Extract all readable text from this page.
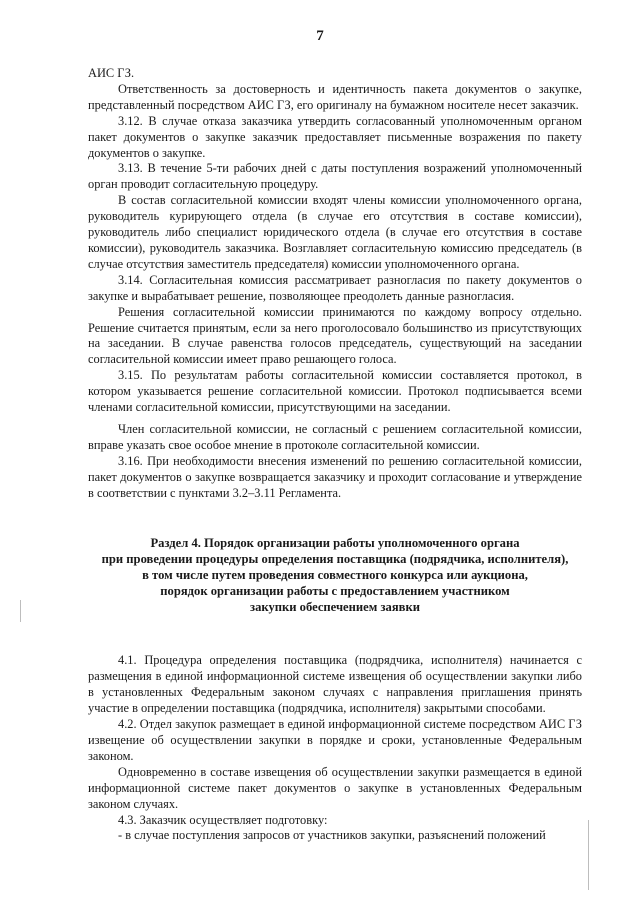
7

АИС ГЗ.

Ответственность за достоверность и идентичность пакета документов о закупке, представленный посредством АИС ГЗ, его оригиналу на бумажном носителе несет заказчик.

3.12. В случае отказа заказчика утвердить согласованный уполномоченным органом пакет документов о закупке заказчик предоставляет письменные возражения по пакету документов о закупке.

3.13. В течение 5-ти рабочих дней с даты поступления возражений уполномоченный орган проводит согласительную процедуру.

В состав согласительной комиссии входят члены комиссии уполномоченного органа, руководитель курирующего отдела (в случае его отсутствия в составе комиссии), руководитель либо специалист юридического отдела (в случае его отсутствия в составе комиссии), руководитель заказчика. Возглавляет согласительную комиссию председатель (в случае отсутствия заместитель председателя) комиссии уполномоченного органа.

3.14. Согласительная комиссия рассматривает разногласия по пакету документов о закупке и вырабатывает решение, позволяющее преодолеть данные разногласия.

Решения согласительной комиссии принимаются по каждому вопросу отдельно. Решение считается принятым, если за него проголосовало большинство из присутствующих на заседании. В случае равенства голосов председатель, существующий на заседании согласительной комиссии имеет право решающего голоса.

3.15. По результатам работы согласительной комиссии составляется протокол, в котором указывается решение согласительной комиссии. Протокол подписывается всеми членами согласительной комиссии, присутствующими на заседании.

Член согласительной комиссии, не согласный с решением согласительной комиссии, вправе указать свое особое мнение в протоколе согласительной комиссии.

3.16. При необходимости внесения изменений по решению согласительной комиссии, пакет документов о закупке возвращается заказчику и проходит согласование и утверждение в соответствии с пунктами 3.2–3.11 Регламента.

Раздел 4. Порядок организации работы уполномоченного органа
при проведении процедуры определения поставщика (подрядчика, исполнителя),
в том числе путем проведения совместного конкурса или аукциона,
порядок организации работы с предоставлением участником
закупки обеспечением заявки

4.1. Процедура определения поставщика (подрядчика, исполнителя) начинается с размещения в единой информационной системе извещения об осуществлении закупки либо в установленных Федеральным законом случаях с направления приглашения принять участие в определении поставщика (подрядчика, исполнителя) закрытыми способами.

4.2. Отдел закупок размещает в единой информационной системе посредством АИС ГЗ извещение об осуществлении закупки в порядке и сроки, установленные Федеральным законом.

Одновременно в составе извещения об осуществлении закупки размещается в единой информационной системе пакет документов о закупке в установленных Федеральным законом случаях.

4.3. Заказчик осуществляет подготовку:

- в случае поступления запросов от участников закупки, разъяснений положений
